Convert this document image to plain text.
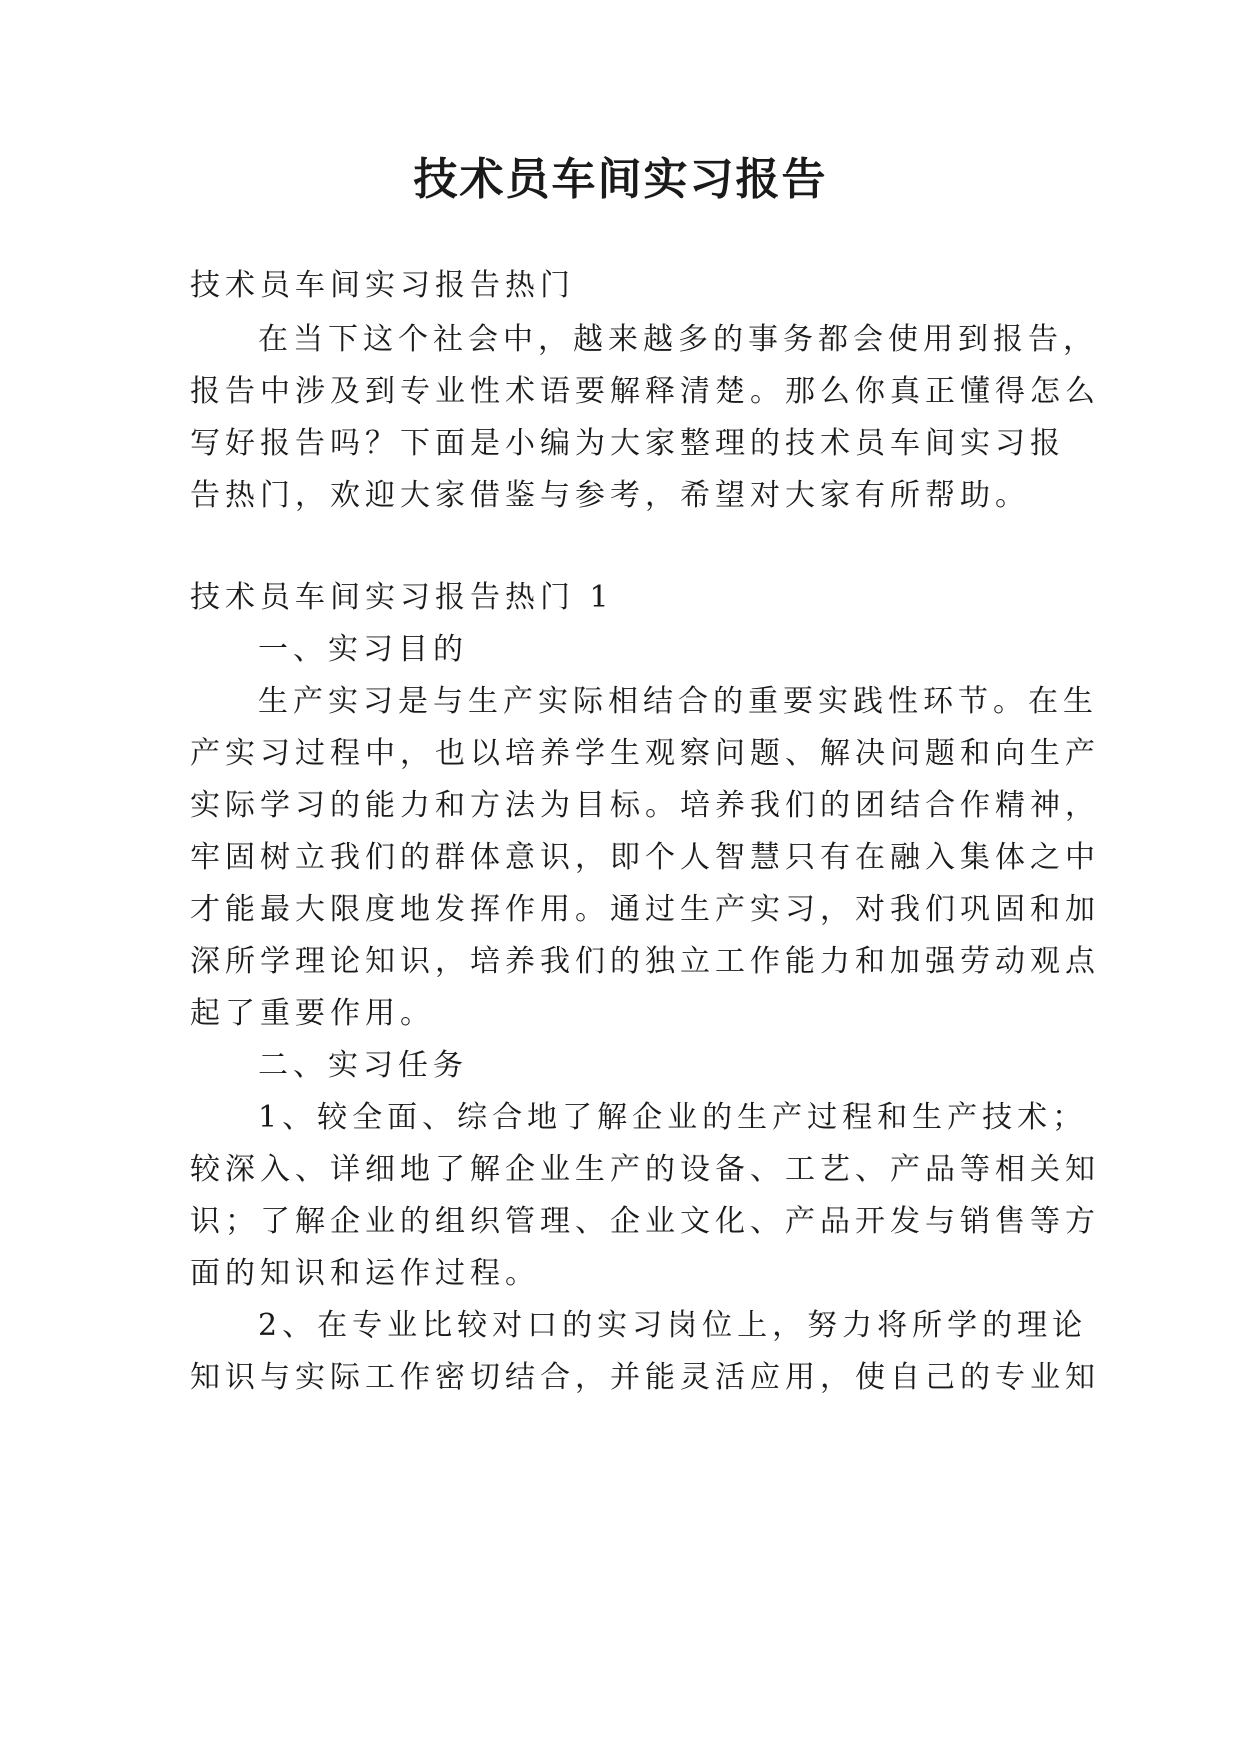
技术员车间实习报告
技术员车间实习报告热门
在当下这个社会中，越来越多的事务都会使用到报告，
报告中涉及到专业性术语要解释清楚。那么你真正懂得怎么
写好报告吗？下面是小编为大家整理的技术员车间实习报
告热门，欢迎大家借鉴与参考，希望对大家有所帮助。
技术员车间实习报告热门 1
一、实习目的
生产实习是与生产实际相结合的重要实践性环节。在生
产实习过程中，也以培养学生观察问题、解决问题和向生产
实际学习的能力和方法为目标。培养我们的团结合作精神，
牢固树立我们的群体意识，即个人智慧只有在融入集体之中
才能最大限度地发挥作用。通过生产实习，对我们巩固和加
深所学理论知识，培养我们的独立工作能力和加强劳动观点
起了重要作用。
二、实习任务
1、较全面、综合地了解企业的生产过程和生产技术；
较深入、详细地了解企业生产的设备、工艺、产品等相关知
识；了解企业的组织管理、企业文化、产品开发与销售等方
面的知识和运作过程。
2、在专业比较对口的实习岗位上，努力将所学的理论
知识与实际工作密切结合，并能灵活应用，使自己的专业知
